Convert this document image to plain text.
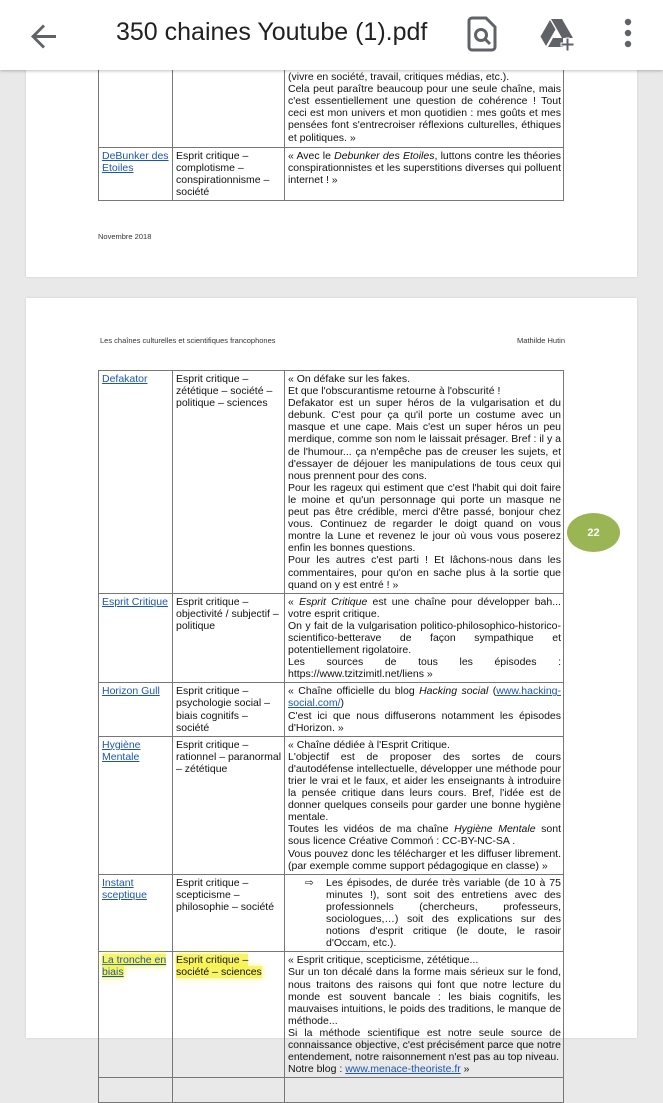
350 chaines Youtube (1).pdf

		(vivre en société, travail, critiques médias, etc.).
Cela peut paraître beaucoup pour une seule chaîne, mais c'est essentiellement une question de cohérence ! Tout ceci est mon univers et mon quotidien : mes goûts et mes pensées font s'entrecroiser réflexions culturelles, éthiques et politiques. »

DeBunker des Etoiles	Esprit critique – complotisme – conspirationnisme – société	« Avec le Debunker des Etoiles, luttons contre les théories conspirationnistes et les superstitions diverses qui polluent internet ! »
Novembre 2018
Les chaînes culturelles et scientifiques francophones	Mathilde Hutin
Defakator	Esprit critique – zététique – société – politique – sciences	« On défake sur les fakes.
Et que l'obscurantisme retourne à l'obscurité !
Defakator est un super héros de la vulgarisation et du debunk. C'est pour ça qu'il porte un costume avec un masque et une cape. Mais c'est un super héros un peu merdique, comme son nom le laissait présager. Bref : il y a de l'humour... ça n'empêche pas de creuser les sujets, et d'essayer de déjouer les manipulations de tous ceux qui nous prennent pour des cons.
Pour les rageux qui estiment que c'est l'habit qui doit faire le moine et qu'un personnage qui porte un masque ne peut pas être crédible, merci d'être passé, bonjour chez vous. Continuez de regarder le doigt quand on vous montre la Lune et revenez le jour où vous vous poserez enfin les bonnes questions.
Pour les autres c'est parti ! Et lâchons-nous dans les commentaires, pour qu'on en sache plus à la sortie que quand on y est entré ! »

Esprit Critique	Esprit critique – objectivité / subjectif – politique	« Esprit Critique est une chaîne pour développer bah... votre esprit critique.
On y fait de la vulgarisation politico-philosophico-historico-scientifico-betterave de façon sympathique et potentiellement rigolatoire.
Les sources de tous les épisodes : https://www.tzitzimitl.net/liens »

Horizon Gull	Esprit critique – psychologie social – biais cognitifs – société	« Chaîne officielle du blog Hacking social (www.hacking-social.com/)
C'est ici que nous diffuserons notamment les épisodes d'Horizon. »

Hygiène Mentale	Esprit critique – rationnel – paranormal – zététique	« Chaîne dédiée à l'Esprit Critique.
L'objectif est de proposer des sortes de cours d'autodéfense intellectuelle, développer une méthode pour trier le vrai et le faux, et aider les enseignants à introduire la pensée critique dans leurs cours. Bref, l'idée est de donner quelques conseils pour garder une bonne hygiène mentale.
Toutes les vidéos de ma chaîne Hygiène Mentale sont sous licence Créative Commoń : CC-BY-NC-SA .
Vous pouvez donc les télécharger et les diffuser librement. (par exemple comme support pédagogique en classe) »

Instant sceptique	Esprit critique – scepticisme – philosophie – société	⇨ Les épisodes, de durée très variable (de 10 à 75 minutes !), sont soit des entretiens avec des professionnels (chercheurs, professeurs, sociologues,…) soit des explications sur des notions d'esprit critique (le doute, le rasoir d'Occam, etc.).

La tronche en biais	Esprit critique – société – sciences	« Esprit critique, scepticisme, zététique...
Sur un ton décalé dans la forme mais sérieux sur le fond, nous traitons des raisons qui font que notre lecture du monde est souvent bancale : les biais cognitifs, les mauvaises intuitions, le poids des traditions, le manque de méthode...
Si la méthode scientifique est notre seule source de connaissance objective, c'est précisément parce que notre entendement, notre raisonnement n'est pas au top niveau.
Notre blog : www.menace-theoriste.fr »

22
